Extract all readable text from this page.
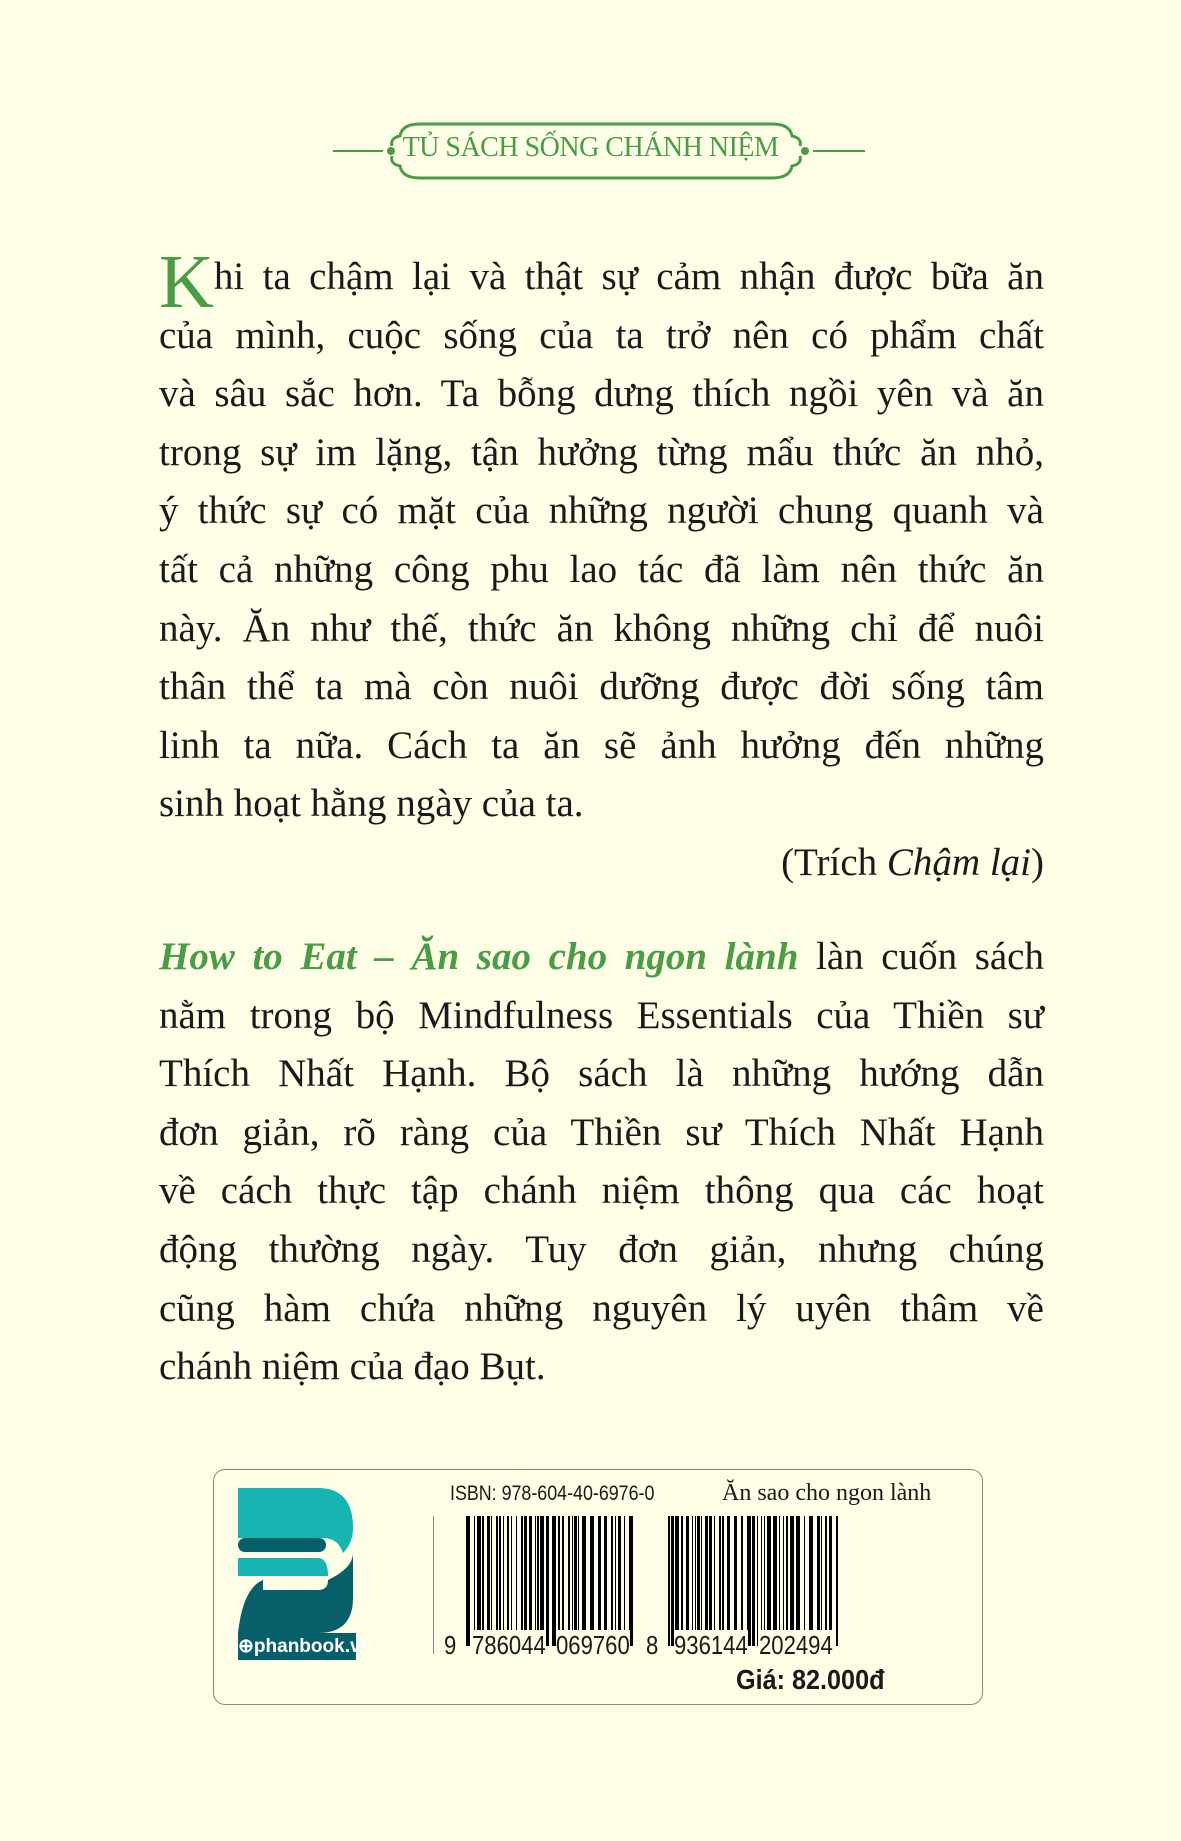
TỦ SÁCH SỐNG CHÁNH NIỆM
Khi ta chậm lại và thật sự cảm nhận được bữa ăn
của mình, cuộc sống của ta trở nên có phẩm chất
và sâu sắc hơn. Ta bỗng dưng thích ngồi yên và ăn
trong sự im lặng, tận hưởng từng mẩu thức ăn nhỏ,
ý thức sự có mặt của những người chung quanh và
tất cả những công phu lao tác đã làm nên thức ăn
này. Ăn như thế, thức ăn không những chỉ để nuôi
thân thể ta mà còn nuôi dưỡng được đời sống tâm
linh ta nữa. Cách ta ăn sẽ ảnh hưởng đến những
sinh hoạt hằng ngày của ta.
(Trích Chậm lại)
How to Eat – Ăn sao cho ngon lành làn cuốn sách
nằm trong bộ Mindfulness Essentials của Thiền sư
Thích Nhất Hạnh. Bộ sách là những hướng dẫn
đơn giản, rõ ràng của Thiền sư Thích Nhất Hạnh
về cách thực tập chánh niệm thông qua các hoạt
động thường ngày. Tuy đơn giản, nhưng chúng
cũng hàm chứa những nguyên lý uyên thâm về
chánh niệm của đạo Bụt.
⊕phanbook.vn
ISBN: 978-604-40-6976-0	Ăn sao cho ngon lành
9 786044 069760 8 936144 202494
Giá: 82.000đ
